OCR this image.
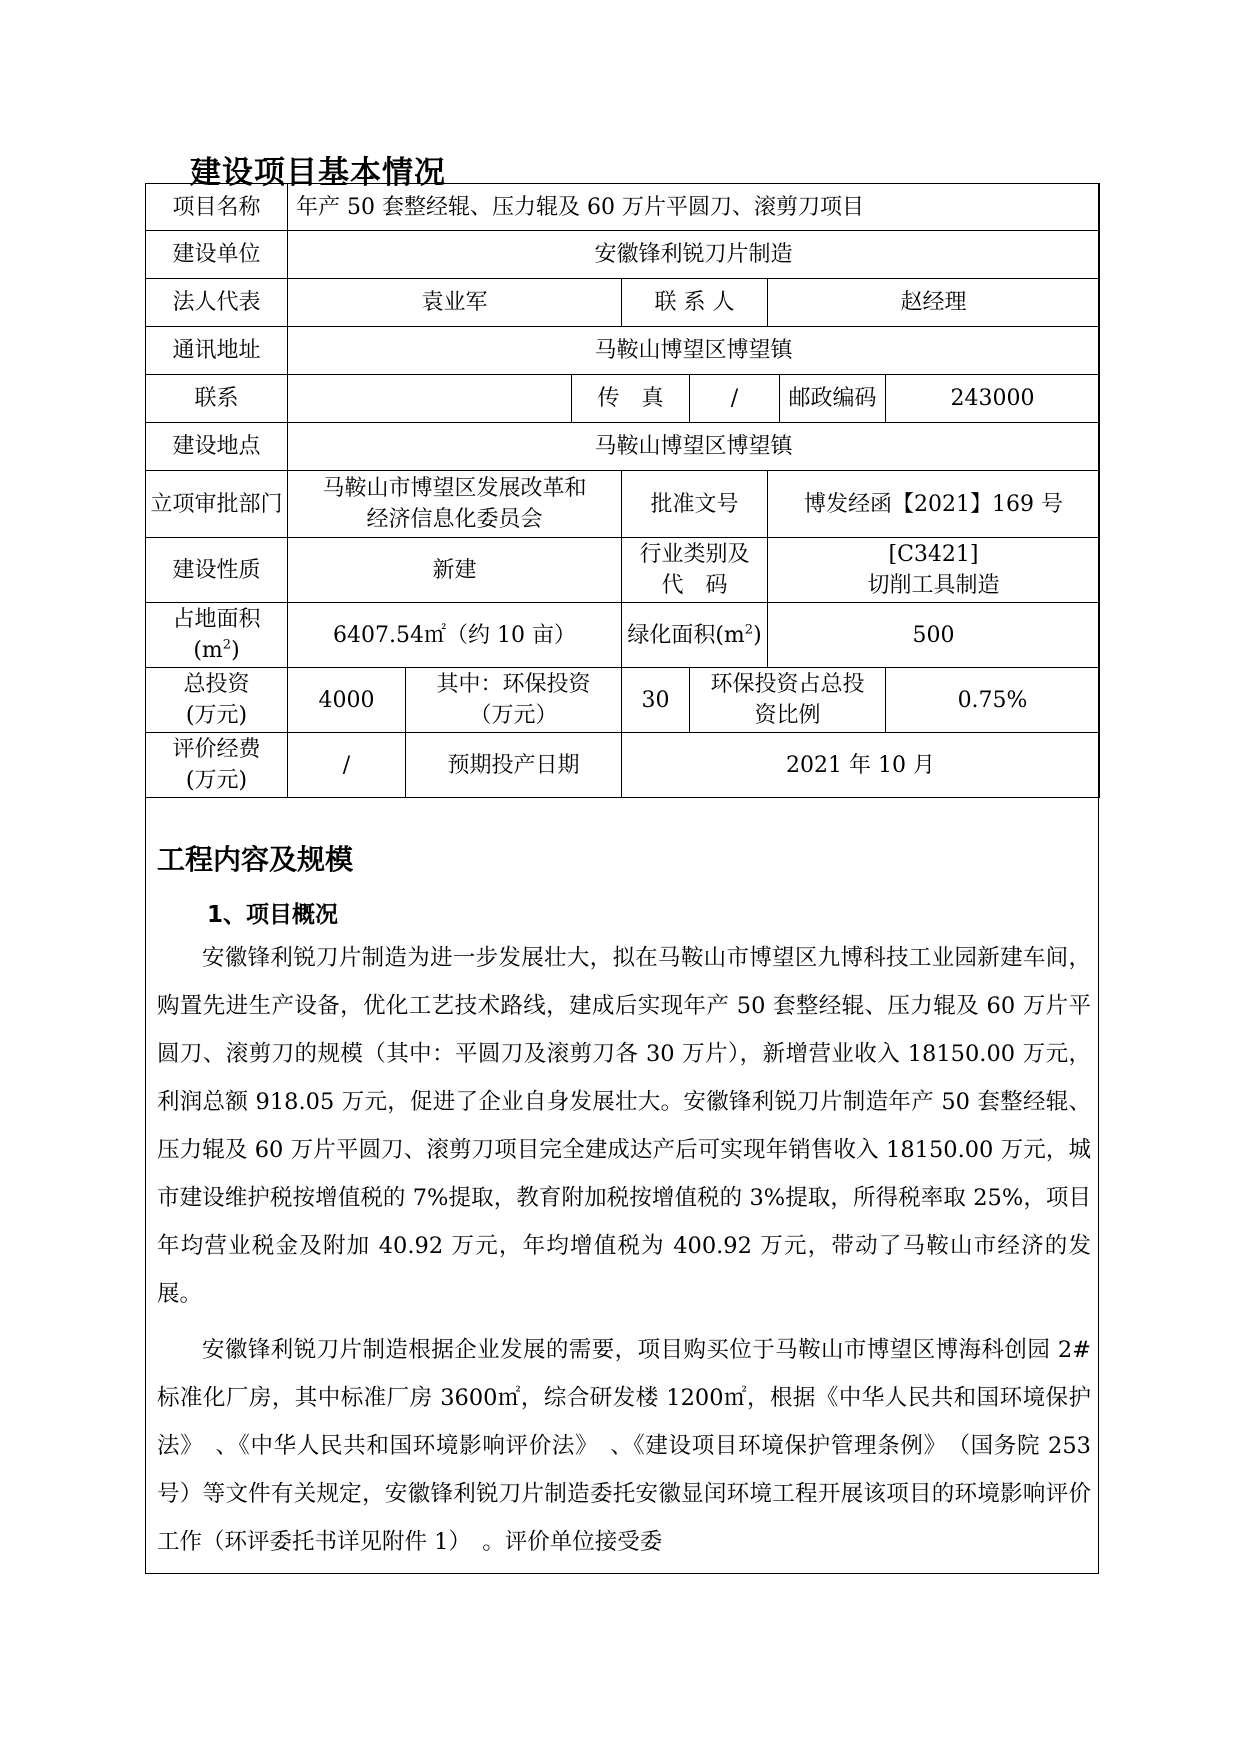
建设项目基本情况
项目名称	年产 50 套整经辊、压力辊及 60 万片平圆刀、滚剪刀项目							
建设单位	安徽锋利锐刀片制造							
法人代表	袁业军			联 系 人		赵经理		
通讯地址	马鞍山博望区博望镇							
联系			传　真		/		邮政编码	243000
建设地点	马鞍山博望区博望镇							
立项审批部门	马鞍山市博望区发展改革和经济信息化委员会			批准文号		博发经函【2021】169 号		
建设性质	新建			行业类别及代　码		[C3421]
切削工具制造		

占地面积
$(m^2)$	6407.54㎡（约 10 亩）			绿化面积$(m^2)$		500		

总投资
(万元)	4000	其中：环保投资（万元）		30	环保投资占总投资比例			0.75%

评价经费
(万元)	/	预期投产日期		2021 年 10 月				
工程内容及规模
1、项目概况

安徽锋利锐刀片制造为进一步发展壮大，拟在马鞍山市博望区九博科技工业园新建车间，购置先进生产设备，优化工艺技术路线，建成后实现年产 50 套整经辊、压力辊及 60 万片平圆刀、滚剪刀的规模（其中：平圆刀及滚剪刀各 30 万片），新增营业收入 18150.00 万元，利润总额 918.05 万元，促进了企业自身发展壮大。安徽锋利锐刀片制造年产 50 套整经辊、压力辊及 60 万片平圆刀、滚剪刀项目完全建成达产后可实现年销售收入 18150.00 万元，城市建设维护税按增值税的 7%提取，教育附加税按增值税的 3%提取，所得税率取 25%，项目年均营业税金及附加 40.92 万元，年均增值税为 400.92 万元，带动了马鞍山市经济的发展。

安徽锋利锐刀片制造根据企业发展的需要，项目购买位于马鞍山市博望区博海科创园 2#标准化厂房，其中标准厂房 3600㎡，综合研发楼 1200㎡，根据《中华人民共和国环境保护法》　、《中华人民共和国环境影响评价法》　、《建设项目环境保护管理条例》　（国务院 253 号）等文件有关规定，安徽锋利锐刀片制造委托安徽显闰环境工程开展该项目的环境影响评价工作（环评委托书详见附件 1）　。评价单位接受委
